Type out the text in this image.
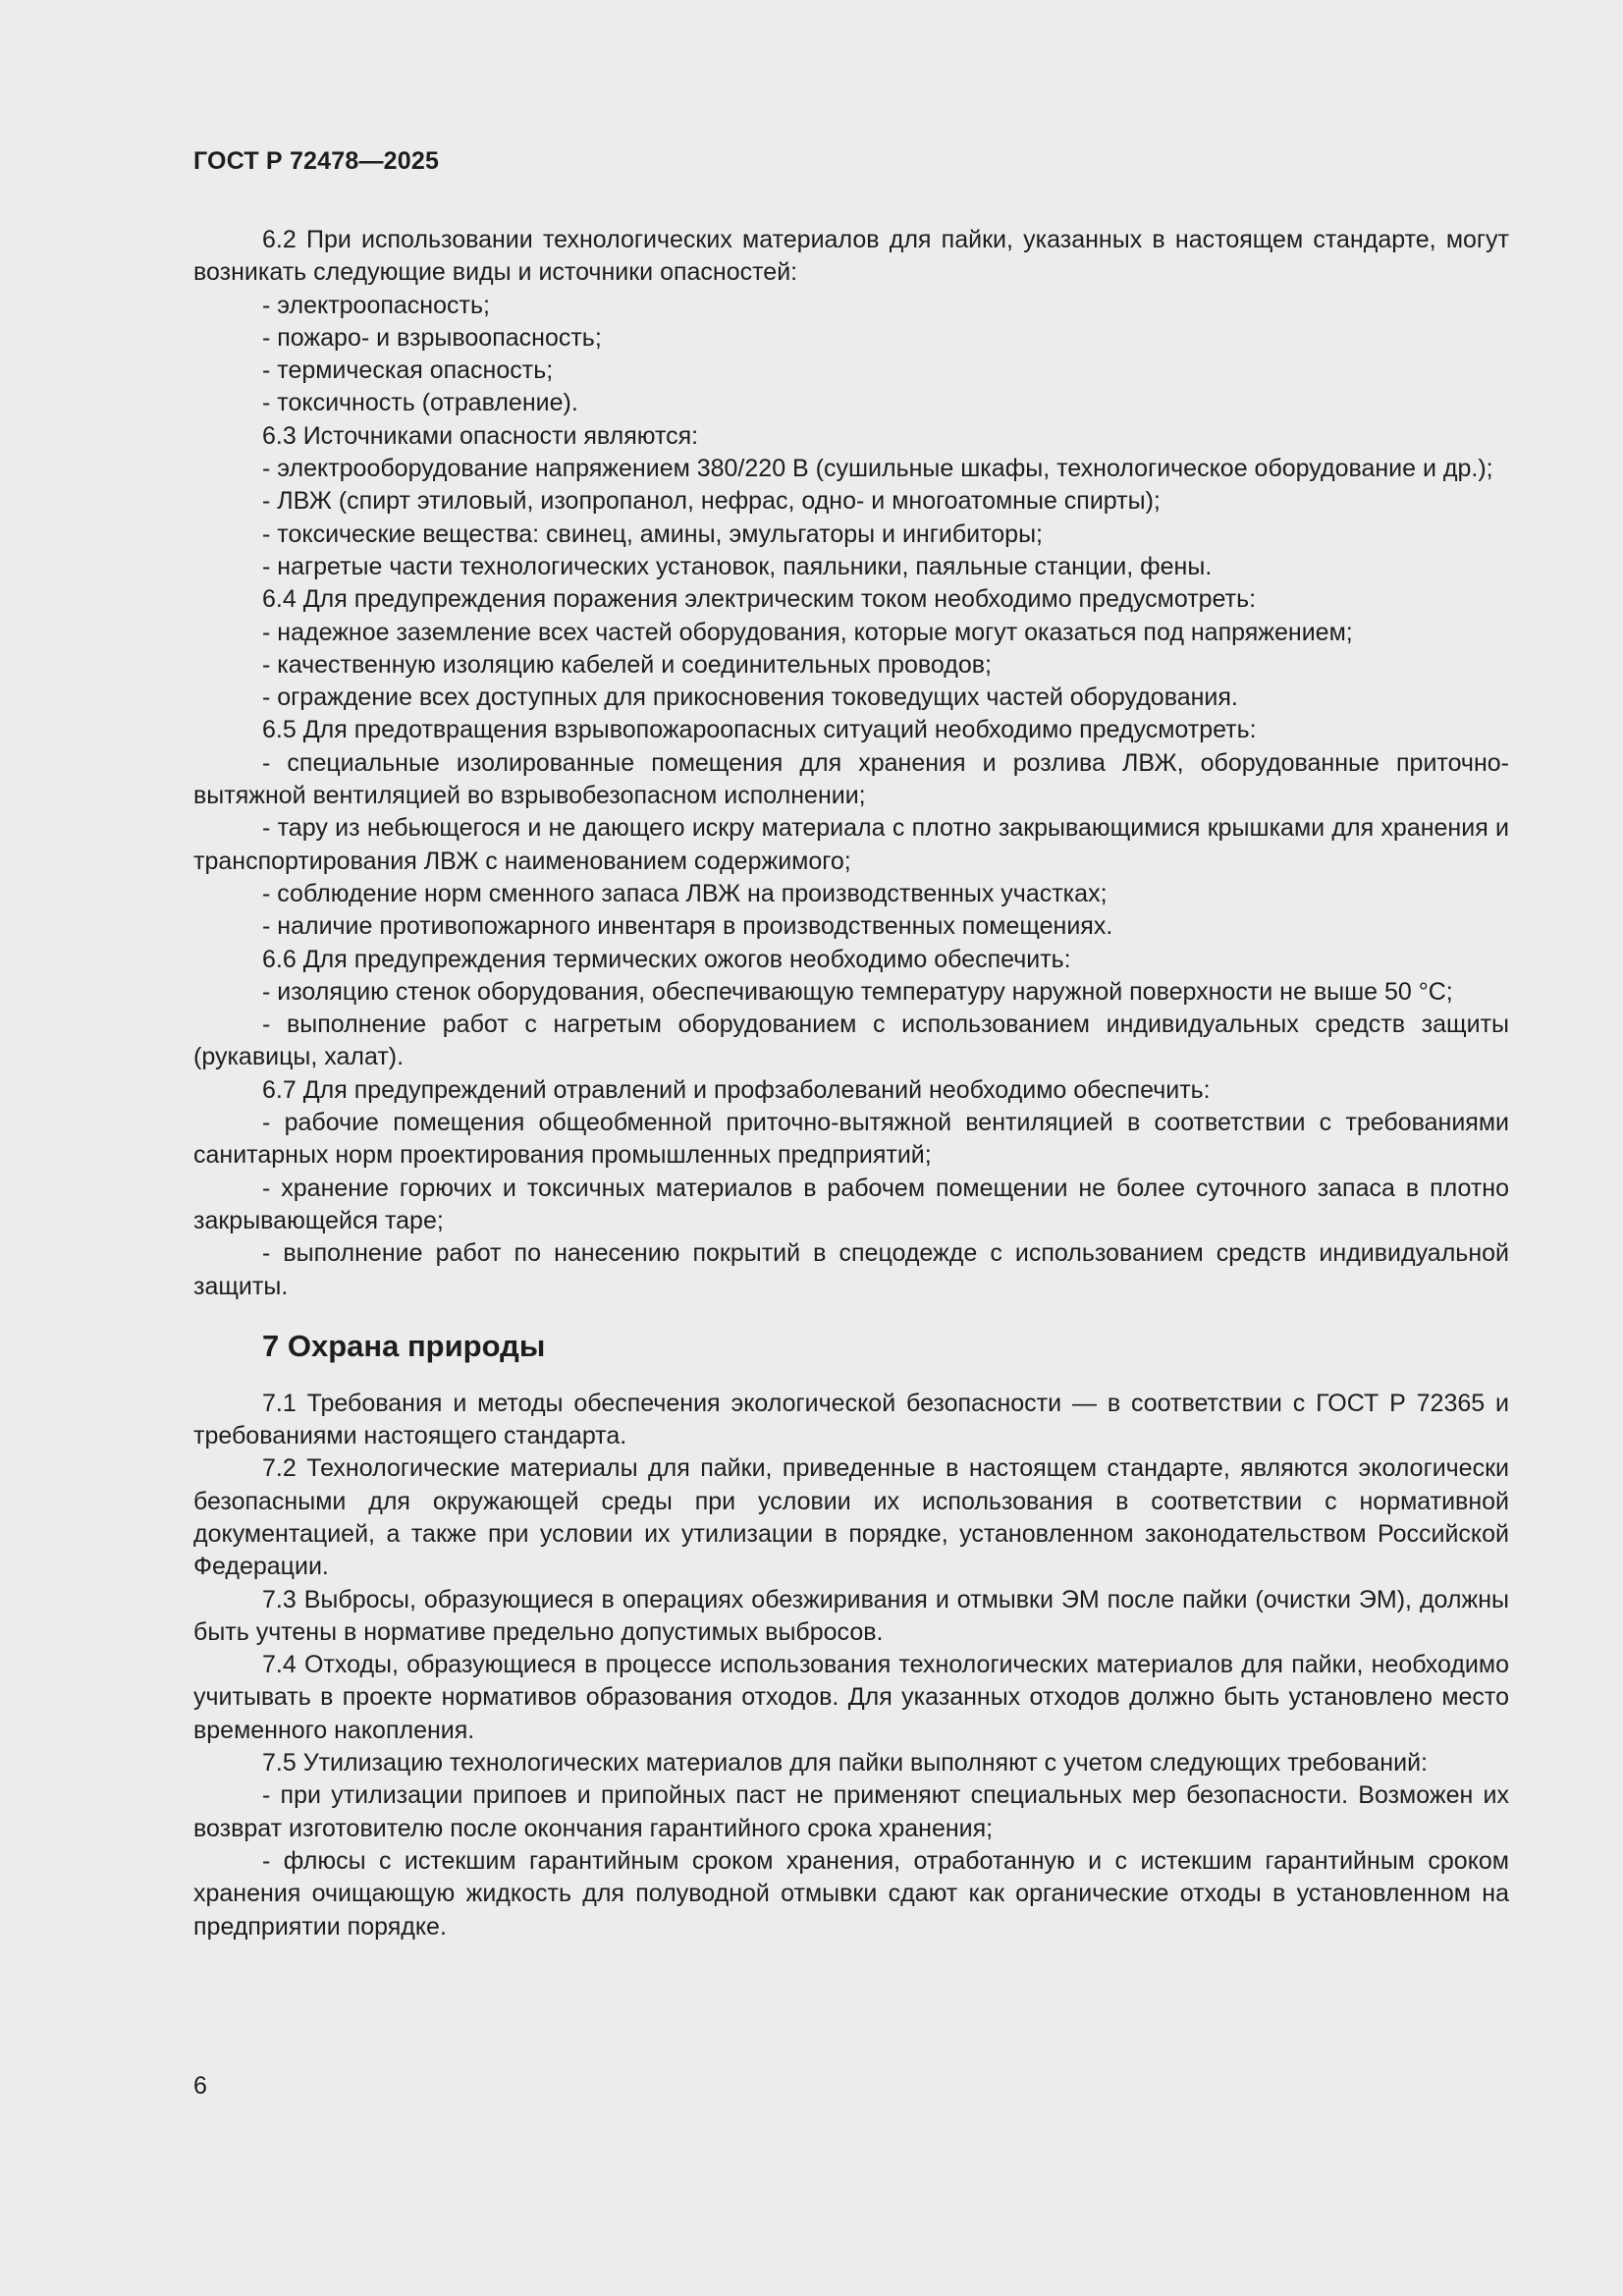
ГОСТ Р 72478—2025

6.2 При использовании технологических материалов для пайки, указанных в настоящем стандарте, могут возникать следующие виды и источники опасностей:

- электроопасность;

- пожаро- и взрывоопасность;

- термическая опасность;

- токсичность (отравление).

6.3 Источниками опасности являются:

- электрооборудование напряжением 380/220 В (сушильные шкафы, технологическое оборудование и др.);

- ЛВЖ (спирт этиловый, изопропанол, нефрас, одно- и многоатомные спирты);

- токсические вещества: свинец, амины, эмульгаторы и ингибиторы;

- нагретые части технологических установок, паяльники, паяльные станции, фены.

6.4 Для предупреждения поражения электрическим током необходимо предусмотреть:

- надежное заземление всех частей оборудования, которые могут оказаться под напряжением;

- качественную изоляцию кабелей и соединительных проводов;

- ограждение всех доступных для прикосновения токоведущих частей оборудования.

6.5 Для предотвращения взрывопожароопасных ситуаций необходимо предусмотреть:

- специальные изолированные помещения для хранения и розлива ЛВЖ, оборудованные приточно-вытяжной вентиляцией во взрывобезопасном исполнении;

- тару из небьющегося и не дающего искру материала с плотно закрывающимися крышками для хранения и транспортирования ЛВЖ с наименованием содержимого;

- соблюдение норм сменного запаса ЛВЖ на производственных участках;

- наличие противопожарного инвентаря в производственных помещениях.

6.6 Для предупреждения термических ожогов необходимо обеспечить:

- изоляцию стенок оборудования, обеспечивающую температуру наружной поверхности не выше 50 °С;

- выполнение работ с нагретым оборудованием с использованием индивидуальных средств защиты (рукавицы, халат).

6.7 Для предупреждений отравлений и профзаболеваний необходимо обеспечить:

- рабочие помещения общеобменной приточно-вытяжной вентиляцией в соответствии с требованиями санитарных норм проектирования промышленных предприятий;

- хранение горючих и токсичных материалов в рабочем помещении не более суточного запаса в плотно закрывающейся таре;

- выполнение работ по нанесению покрытий в спецодежде с использованием средств индивидуальной защиты.

7 Охрана природы

7.1 Требования и методы обеспечения экологической безопасности — в соответствии с ГОСТ Р 72365 и требованиями настоящего стандарта.

7.2 Технологические материалы для пайки, приведенные в настоящем стандарте, являются экологически безопасными для окружающей среды при условии их использования в соответствии с нормативной документацией, а также при условии их утилизации в порядке, установленном законодательством Российской Федерации.

7.3 Выбросы, образующиеся в операциях обезжиривания и отмывки ЭМ после пайки (очистки ЭМ), должны быть учтены в нормативе предельно допустимых выбросов.

7.4 Отходы, образующиеся в процессе использования технологических материалов для пайки, необходимо учитывать в проекте нормативов образования отходов. Для указанных отходов должно быть установлено место временного накопления.

7.5 Утилизацию технологических материалов для пайки выполняют с учетом следующих требований:

- при утилизации припоев и припойных паст не применяют специальных мер безопасности. Возможен их возврат изготовителю после окончания гарантийного срока хранения;

- флюсы с истекшим гарантийным сроком хранения, отработанную и с истекшим гарантийным сроком хранения очищающую жидкость для полуводной отмывки сдают как органические отходы в установленном на предприятии порядке.

6
